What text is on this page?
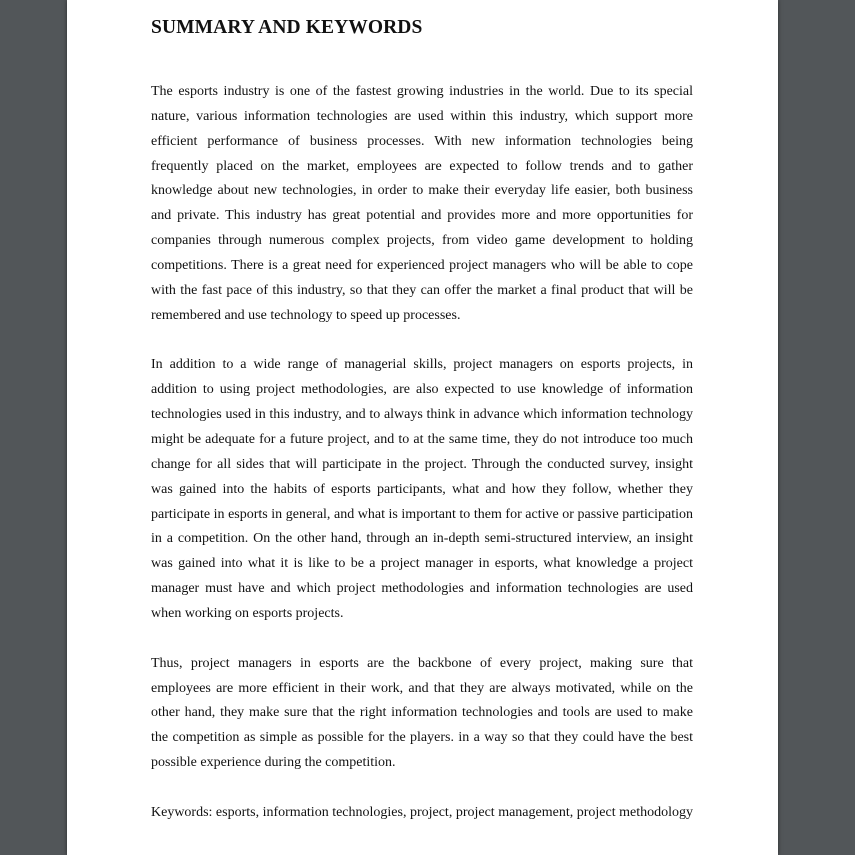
SUMMARY AND KEYWORDS

The esports industry is one of the fastest growing industries in the world. Due to its special nature, various information technologies are used within this industry, which support more efficient performance of business processes. With new information technologies being frequently placed on the market, employees are expected to follow trends and to gather knowledge about new technologies, in order to make their everyday life easier, both business and private. This industry has great potential and provides more and more opportunities for companies through numerous complex projects, from video game development to holding competitions. There is a great need for experienced project managers who will be able to cope with the fast pace of this industry, so that they can offer the market a final product that will be remembered and use technology to speed up processes.

In addition to a wide range of managerial skills, project managers on esports projects, in addition to using project methodologies, are also expected to use knowledge of information technologies used in this industry, and to always think in advance which information technology might be adequate for a future project, and to at the same time, they do not introduce too much change for all sides that will participate in the project. Through the conducted survey, insight was gained into the habits of esports participants, what and how they follow, whether they participate in esports in general, and what is important to them for active or passive participation in a competition. On the other hand, through an in-depth semi-structured interview, an insight was gained into what it is like to be a project manager in esports, what knowledge a project manager must have and which project methodologies and information technologies are used when working on esports projects.

Thus, project managers in esports are the backbone of every project, making sure that employees are more efficient in their work, and that they are always motivated, while on the other hand, they make sure that the right information technologies and tools are used to make the competition as simple as possible for the players. in a way so that they could have the best possible experience during the competition.

Keywords: esports, information technologies, project, project management, project methodology
